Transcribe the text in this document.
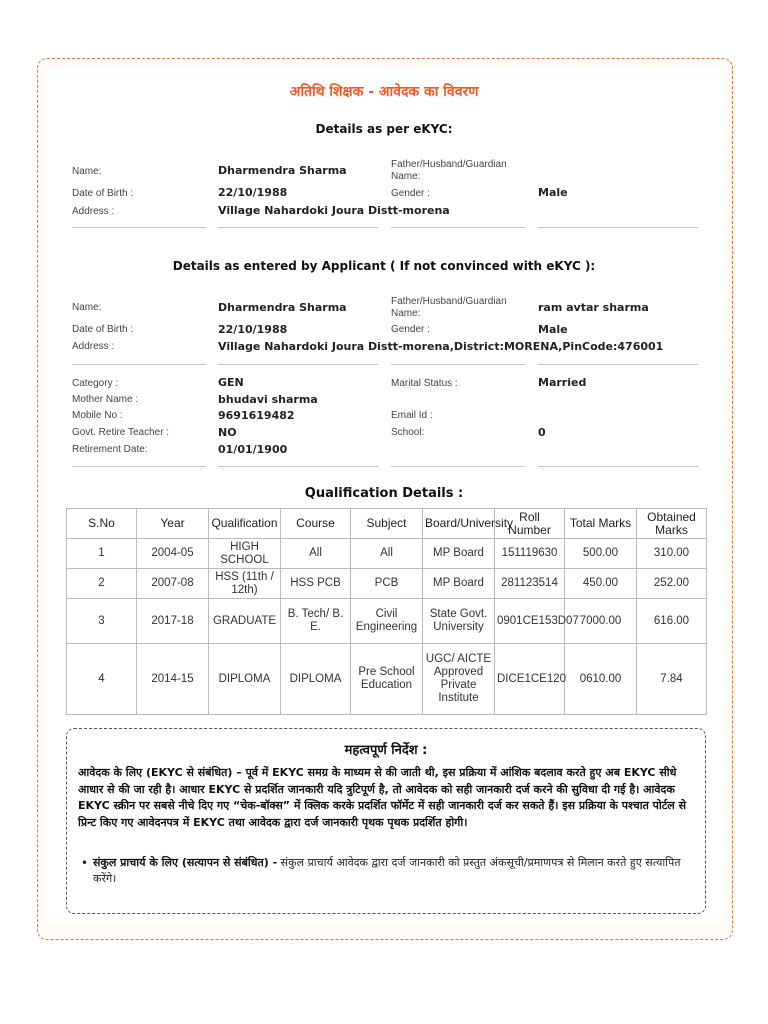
अतिथि शिक्षक - आवेदक का विवरण
Details as per eKYC:
Name:	Dharmendra Sharma	Father/Husband/Guardian
Name:
Date of Birth :	22/10/1988	Gender :	Male
Address :	Village Nahardoki Joura Distt-morena
Details as entered by Applicant ( If not convinced with eKYC ):
Name:	Dharmendra Sharma	Father/Husband/Guardian
Name:	ram avtar sharma
Date of Birth :	22/10/1988	Gender :	Male
Address :	Village Nahardoki Joura Distt-morena,District:MORENA,PinCode:476001
Category :	GEN	Marital Status :	Married
Mother Name :	bhudavi sharma
Mobile No :	9691619482	Email Id :
Govt. Retire Teacher :	NO	School:	0
Retirement Date:	01/01/1900
Qualification Details :
S.No	Year	Qualification	Course	Subject	Board/University	Roll Number	Total Marks	Obtained Marks
1	2004-05	HIGH SCHOOL	All	All	MP Board	151119630	500.00	310.00
2	2007-08	HSS (11th / 12th)	HSS PCB	PCB	MP Board	281123514	450.00	252.00
3	2017-18	GRADUATE	B. Tech/ B. E.	Civil Engineering	State Govt. University	0901CE153D07	7000.00	616.00
4	2014-15	DIPLOMA	DIPLOMA	Pre School Education	UGC/ AICTE Approved Private Institute	DICE1CE120	0610.00	7.84
महत्वपूर्ण निर्देश :
आवेदक के लिए (EKYC से संबंधित) – पूर्व में EKYC समग्र के माध्यम से की जाती थी, इस प्रक्रिया में आंशिक बदलाव करते हुए अब EKYC सीधे आधार से की जा रही है। आधार EKYC से प्रदर्शित जानकारी यदि त्रुटिपूर्ण है, तो आवेदक को सही जानकारी दर्ज करने की सुविधा दी गई है। आवेदक EKYC स्क्रीन पर सबसे नीचे दिए गए “चेक-बॉक्स” में क्लिक करके प्रदर्शित फॉर्मेट में सही जानकारी दर्ज कर सकते हैं। इस प्रक्रिया के पश्चात पोर्टल से प्रिन्ट किए गए आवेदनपत्र में EKYC तथा आवेदक द्वारा दर्ज जानकारी पृथक पृथक प्रदर्शित होगी।
• संकुल प्राचार्य के लिए (सत्यापन से संबंधित) - संकुल प्राचार्य आवेदक द्वारा दर्ज जानकारी को प्रस्तुत अंकसूची/प्रमाणपत्र से मिलान करते हुए सत्यापित करेंगे।
